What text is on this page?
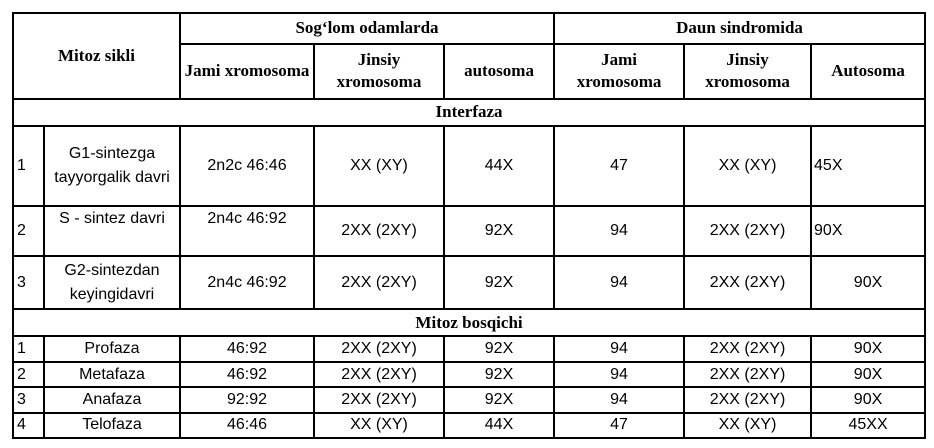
Mitoz sikli		Sog‘lom odamlarda			Daun sindromida		
		Jami xromosoma	Jinsiy xromosoma	autosoma	Jami xromosoma	Jinsiy xromosoma	Autosoma
Interfaza							
1	G1-sintezga tayyorgalik davri	2n2c 46:46	XX (XY)	44X	47	XX (XY)	45X
2	S - sintez davri	2n4c 46:92	2XX (2XY)	92X	94	2XX (2XY)	90X
3	G2-sintezdan keyingidavri	2n4c 46:92	2XX (2XY)	92X	94	2XX (2XY)	90X
Mitoz bosqichi							
1	Profaza	46:92	2XX (2XY)	92X	94	2XX (2XY)	90X
2	Metafaza	46:92	2XX (2XY)	92X	94	2XX (2XY)	90X
3	Anafaza	92:92	2XX (2XY)	92X	94	2XX (2XY)	90X
4	Telofaza	46:46	XX (XY)	44X	47	XX (XY)	45XX
